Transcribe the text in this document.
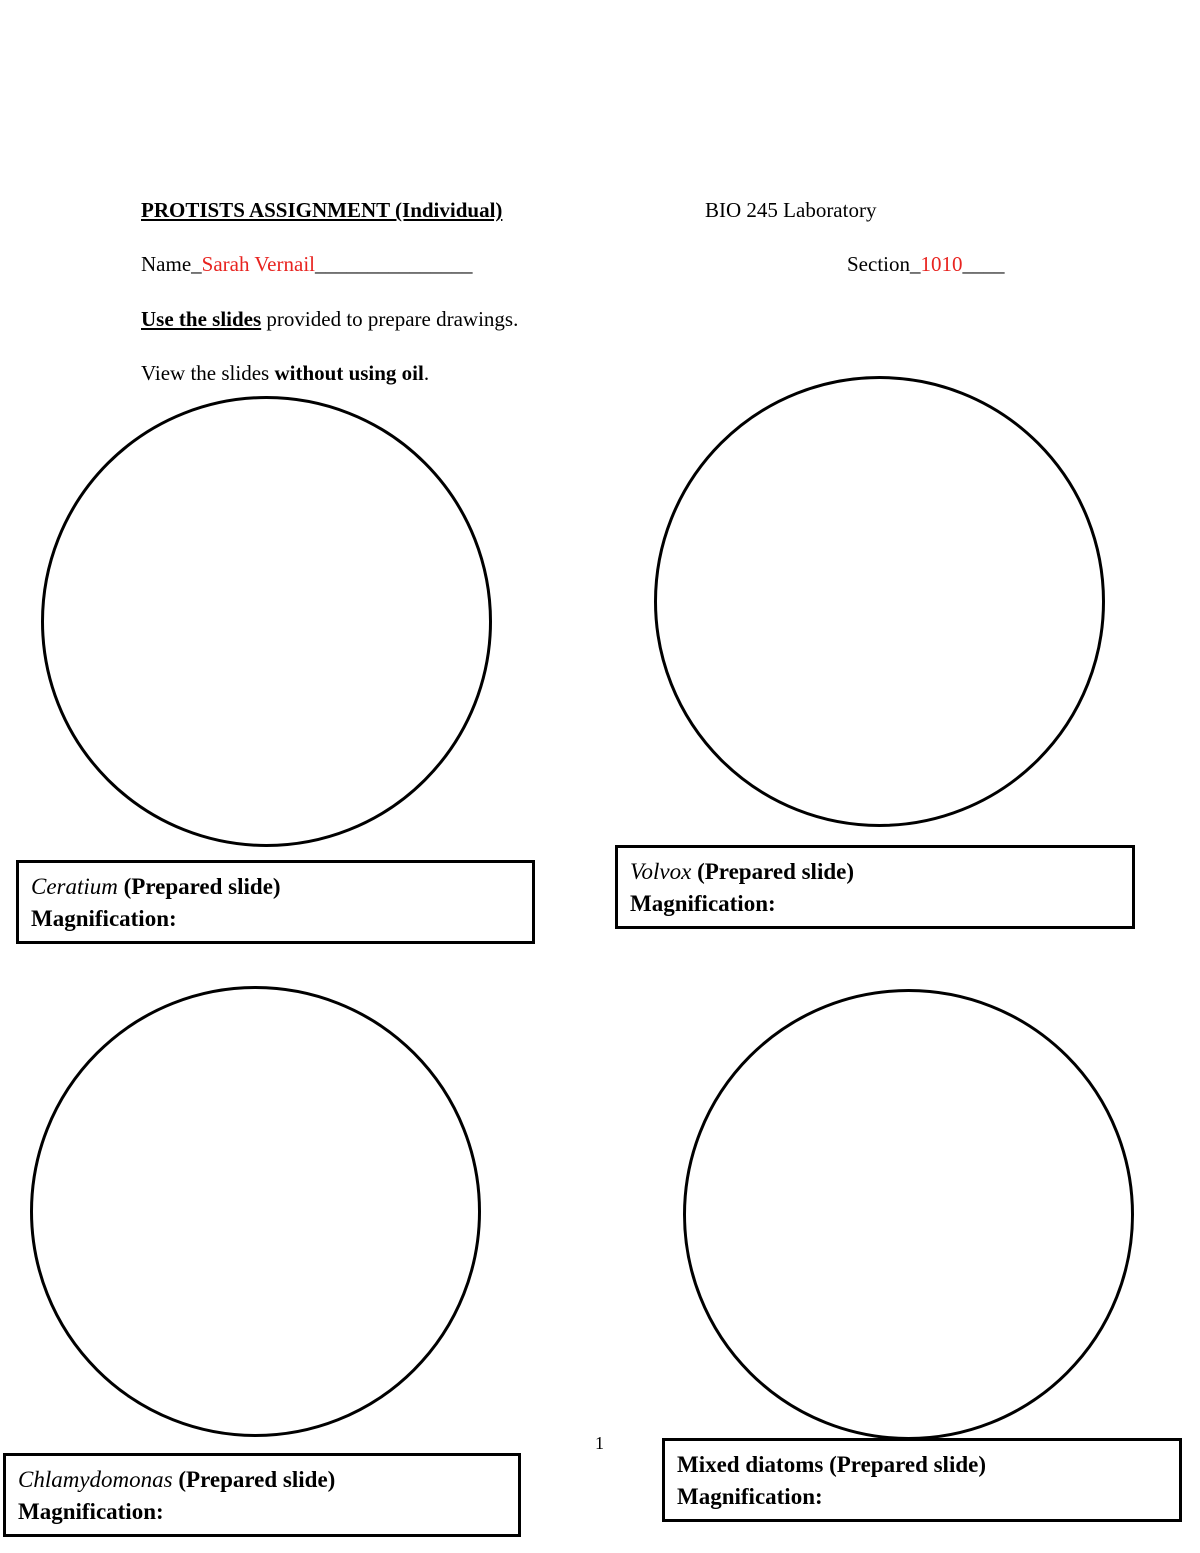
PROTISTS ASSIGNMENT (Individual)	BIO 245 Laboratory
Name_Sarah Vernail_______________	Section_1010____
Use the slides provided to prepare drawings.
View the slides without using oil.
Ceratium (Prepared slide)
Magnification:
Volvox (Prepared slide)
Magnification:
Chlamydomonas (Prepared slide)
Magnification:
Mixed diatoms (Prepared slide)
Magnification:
1
